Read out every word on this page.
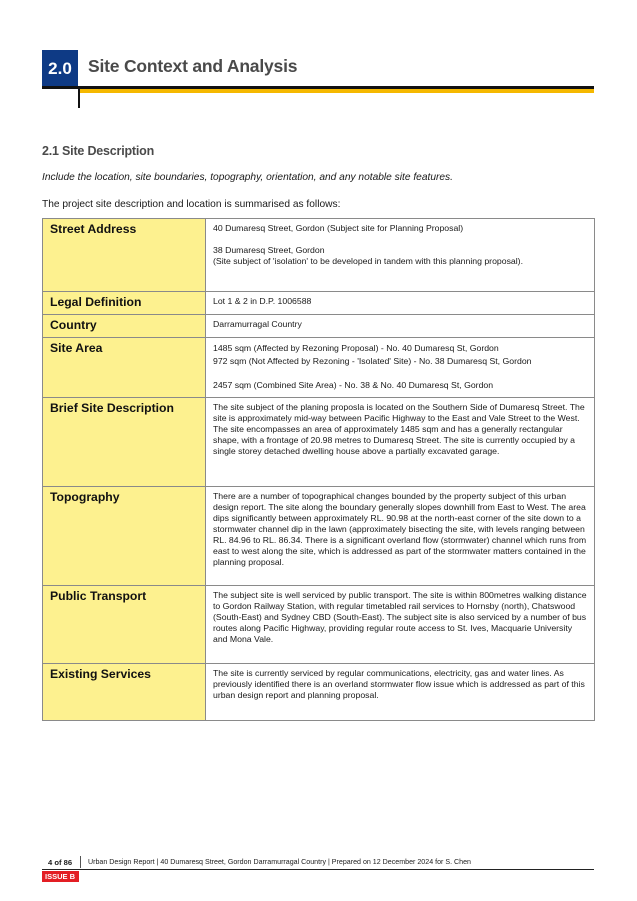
2.0 Site Context and Analysis
2.1 Site Description
Include the location, site boundaries, topography, orientation, and any notable site features.
The project site description and location is summarised as follows:
Street Address	40 Dumaresq Street, Gordon (Subject site for Planning Proposal)

38 Dumaresq Street, Gordon
(Site subject of 'isolation' to be developed in tandem with this planning proposal).

Legal Definition	Lot 1 & 2 in D.P. 1006588

Country	Darramurragal Country

Site Area	1485 sqm (Affected by Rezoning Proposal) - No. 40 Dumaresq St, Gordon
972 sqm (Not Affected by Rezoning - 'Isolated' Site) - No. 38 Dumaresq St, Gordon

2457 sqm (Combined Site Area) - No. 38 & No. 40 Dumaresq St, Gordon

Brief Site Description	The site subject of the planing proposla is located on the Southern Side of Dumaresq Street. The site is approximately mid-way between Pacific Highway to the East and Vale Street to the West. The site encompasses an area of approximately 1485 sqm and has a generally rectangular shape, with a frontage of 20.98 metres to Dumaresq Street. The site is currently occupied by a single storey detached dwelling house above a partially excavated garage.

Topography	There are a number of topographical changes bounded by the property subject of this urban design report. The site along the boundary generally slopes downhill from East to West. The area dips significantly between approximately RL. 90.98 at the north-east corner of the site down to a stormwater channel dip in the lawn (approximately bisecting the site, with levels ranging between RL. 84.96 to RL. 86.34. There is a significant overland flow (stormwater) channel which runs from east to west along the site, which is addressed as part of the stormwater matters contained in the planning proposal.

Public Transport	The subject site is well serviced by public transport. The site is within 800metres walking distance to Gordon Railway Station, with regular timetabled rail services to Hornsby (north), Chatswood (South-East) and Sydney CBD (South-East). The subject site is also serviced by a number of bus routes along Pacific Highway, providing regular route access to St. Ives, Macquarie University and Mona Vale.

Existing Services	The site is currently serviced by regular communications, electricity, gas and water lines. As previously identified there is an overland stormwater flow issue which is addressed as part of this urban design report and planning proposal.

4 of 86 Urban Design Report | 40 Dumaresq Street, Gordon Darramurragal Country | Prepared on 12 December 2024 for S. Chen
ISSUE B
